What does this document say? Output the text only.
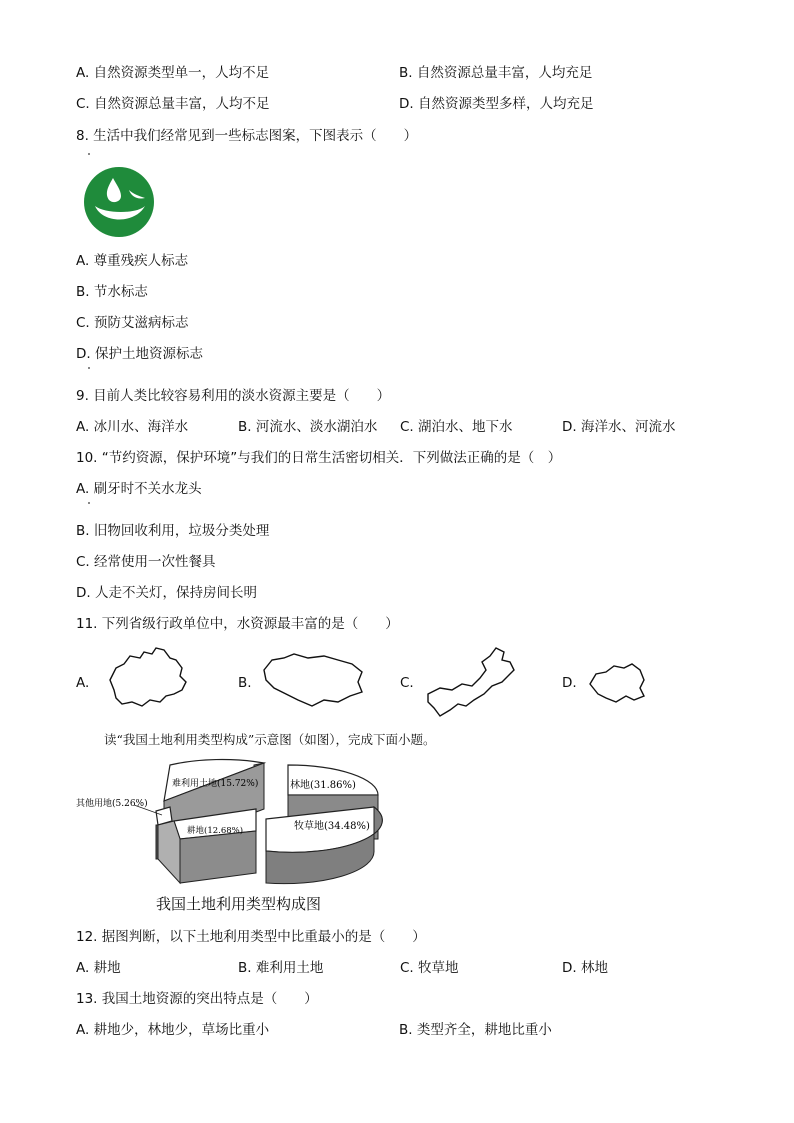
A. 自然资源类型单一，人均不足	B. 自然资源总量丰富，人均充足
C. 自然资源总量丰富，人均不足	D. 自然资源类型多样，人均充足
8. 生活中我们经常见到一些标志图案，下图表示（　　）
A. 尊重残疾人标志
B. 节水标志
C. 预防艾滋病标志
D. 保护土地资源标志
9. 目前人类比较容易利用的淡水资源主要是（　　）
A. 冰川水、海洋水	B. 河流水、淡水湖泊水 C. 湖泊水、地下水	D. 海洋水、河流水
10. “节约资源，保护环境”与我们的日常生活密切相关．下列做法正确的是（　）
A. 刷牙时不关水龙头
B. 旧物回收利用，垃圾分类处理
C. 经常使用一次性餐具
D. 人走不关灯，保持房间长明
11. 下列省级行政单位中，水资源最丰富的是（　　）
A.	B.	C.	D.
读“我国土地利用类型构成”示意图（如图），完成下面小题。
难利用土地(15.72%)	林地(31.86%)
牧草地(34.48%)
耕地(12.68%)
其他用地(5.26%)
我国土地利用类型构成图
12. 据图判断，以下土地利用类型中比重最小的是（　　）
A. 耕地	B. 难利用土地	C. 牧草地	D. 林地
13. 我国土地资源的突出特点是（　　）
A. 耕地少，林地少，草场比重小	B. 类型齐全，耕地比重小
